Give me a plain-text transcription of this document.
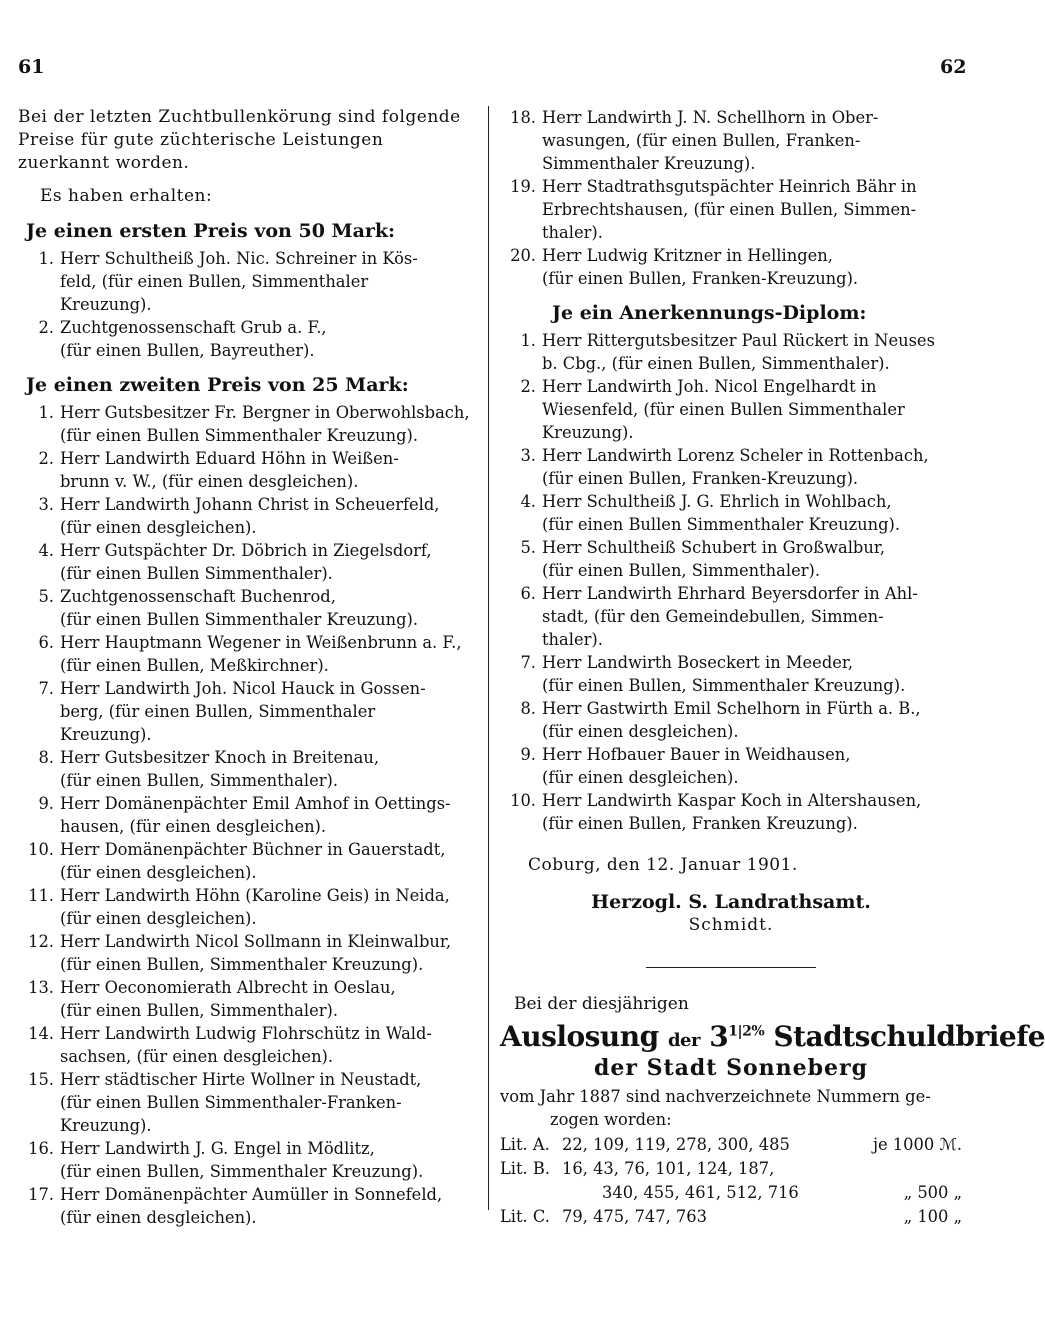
61	62
Bei der letzten Zuchtbullenkörung sind folgende
Preise für gute züchterische Leistungen
zuerkannt worden.
Es haben erhalten:
Je einen ersten Preis von 50 Mark:
1. Herr Schultheiß Joh. Nic. Schreiner in Kös-
feld, (für einen Bullen, Simmenthaler
Kreuzung).
2. Zuchtgenossenschaft Grub a. F.,
(für einen Bullen, Bayreuther).
Je einen zweiten Preis von 25 Mark:
1. Herr Gutsbesitzer Fr. Bergner in Oberwohlsbach,
(für einen Bullen Simmenthaler Kreuzung).
2. Herr Landwirth Eduard Höhn in Weißen-
brunn v. W., (für einen desgleichen).
3. Herr Landwirth Johann Christ in Scheuerfeld,
(für einen desgleichen).
4. Herr Gutspächter Dr. Döbrich in Ziegelsdorf,
(für einen Bullen Simmenthaler).
5. Zuchtgenossenschaft Buchenrod,
(für einen Bullen Simmenthaler Kreuzung).
6. Herr Hauptmann Wegener in Weißenbrunn a. F.,
(für einen Bullen, Meßkirchner).
7. Herr Landwirth Joh. Nicol Hauck in Gossen-
berg, (für einen Bullen, Simmenthaler
Kreuzung).
8. Herr Gutsbesitzer Knoch in Breitenau,
(für einen Bullen, Simmenthaler).
9. Herr Domänenpächter Emil Amhof in Oettings-
hausen, (für einen desgleichen).
10. Herr Domänenpächter Büchner in Gauerstadt,
(für einen desgleichen).
11. Herr Landwirth Höhn (Karoline Geis) in Neida,
(für einen desgleichen).
12. Herr Landwirth Nicol Sollmann in Kleinwalbur,
(für einen Bullen, Simmenthaler Kreuzung).
13. Herr Oeconomierath Albrecht in Oeslau,
(für einen Bullen, Simmenthaler).
14. Herr Landwirth Ludwig Flohrschütz in Wald-
sachsen, (für einen desgleichen).
15. Herr städtischer Hirte Wollner in Neustadt,
(für einen Bullen Simmenthaler-Franken-
Kreuzung).
16. Herr Landwirth J. G. Engel in Mödlitz,
(für einen Bullen, Simmenthaler Kreuzung).
17. Herr Domänenpächter Aumüller in Sonnefeld,
(für einen desgleichen).
18. Herr Landwirth J. N. Schellhorn in Ober-
wasungen, (für einen Bullen, Franken-
Simmenthaler Kreuzung).
19. Herr Stadtrathsgutspächter Heinrich Bähr in
Erbrechtshausen, (für einen Bullen, Simmen-
thaler).
20. Herr Ludwig Kritzner in Hellingen,
(für einen Bullen, Franken-Kreuzung).
Je ein Anerkennungs-Diplom:
1. Herr Rittergutsbesitzer Paul Rückert in Neuses
b. Cbg., (für einen Bullen, Simmenthaler).
2. Herr Landwirth Joh. Nicol Engelhardt in
Wiesenfeld, (für einen Bullen Simmenthaler
Kreuzung).
3. Herr Landwirth Lorenz Scheler in Rottenbach,
(für einen Bullen, Franken-Kreuzung).
4. Herr Schultheiß J. G. Ehrlich in Wohlbach,
(für einen Bullen Simmenthaler Kreuzung).
5. Herr Schultheiß Schubert in Großwalbur,
(für einen Bullen, Simmenthaler).
6. Herr Landwirth Ehrhard Beyersdorfer in Ahl-
stadt, (für den Gemeindebullen, Simmen-
thaler).
7. Herr Landwirth Boseckert in Meeder,
(für einen Bullen, Simmenthaler Kreuzung).
8. Herr Gastwirth Emil Schelhorn in Fürth a. B.,
(für einen desgleichen).
9. Herr Hofbauer Bauer in Weidhausen,
(für einen desgleichen).
10. Herr Landwirth Kaspar Koch in Altershausen,
(für einen Bullen, Franken Kreuzung).
Coburg, den 12. Januar 1901.
Herzogl. S. Landrathsamt.
Schmidt.
Bei der diesjährigen
Auslosung der $3^{1|2\%}$ Stadtschuldbriefe
der Stadt Sonneberg
vom Jahr 1887 sind nachverzeichnete Nummern ge-
zogen worden:
Lit. A. 22, 109, 119, 278, 300, 485	je 1000 ℳ.
Lit. B. 16, 43, 76, 101, 124, 187,
340, 455, 461, 512, 716	„ 500 „
Lit. C. 79, 475, 747, 763	„ 100 „
